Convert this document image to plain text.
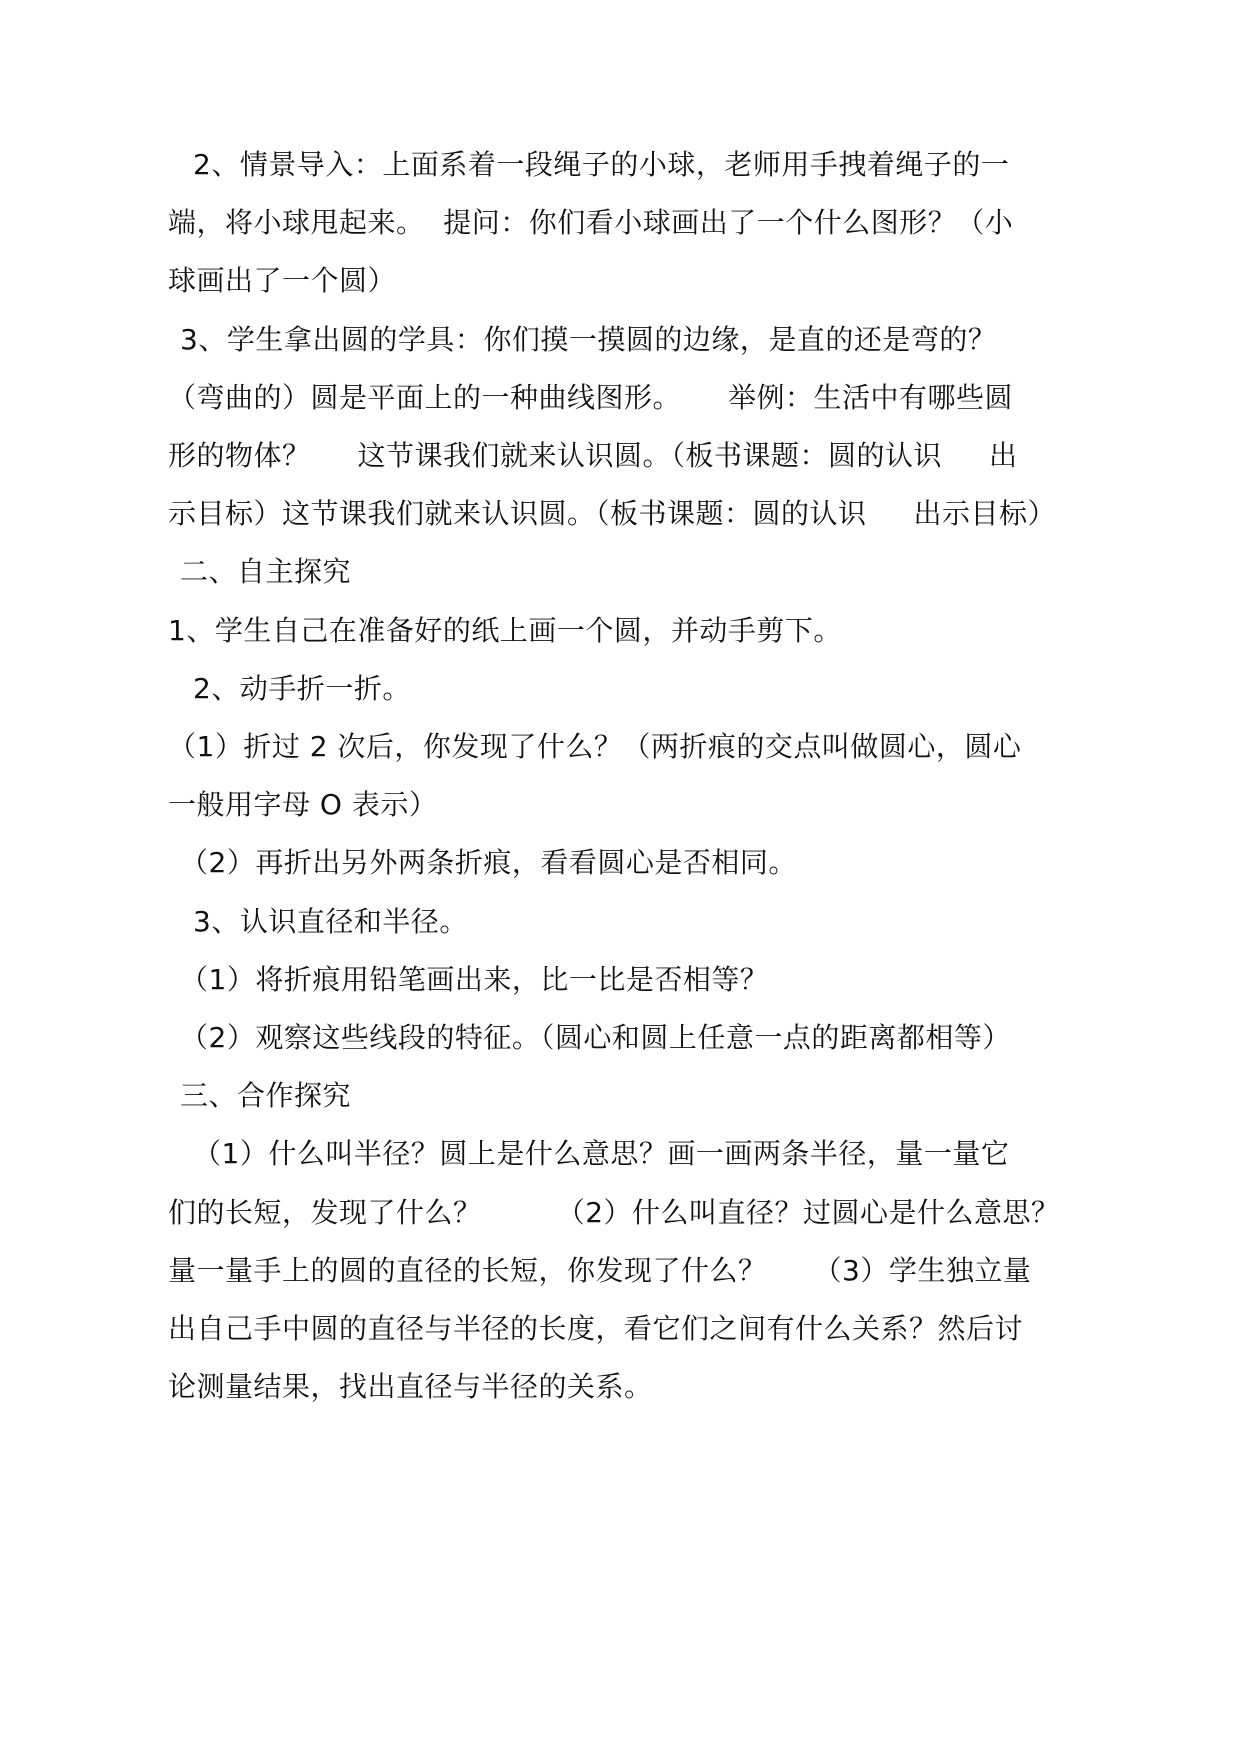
2、情景导入：上面系着一段绳子的小球，老师用手拽着绳子的一
端，将小球甩起来。  提问：你们看小球画出了一个什么图形？（小
球画出了一个圆）
3、学生拿出圆的学具：你们摸一摸圆的边缘，是直的还是弯的？
（弯曲的）圆是平面上的一种曲线图形。     举例：生活中有哪些圆
形的物体？     这节课我们就来认识圆。（板书课题：圆的认识     出
示目标）这节课我们就来认识圆。（板书课题：圆的认识     出示目标）
二、自主探究
1、学生自己在准备好的纸上画一个圆，并动手剪下。
2、动手折一折。
（1）折过 2 次后，你发现了什么？（两折痕的交点叫做圆心，圆心
一般用字母 O 表示）
（2）再折出另外两条折痕，看看圆心是否相同。
3、认识直径和半径。
（1）将折痕用铅笔画出来，比一比是否相等？
（2）观察这些线段的特征。（圆心和圆上任意一点的距离都相等）
三、合作探究
（1）什么叫半径？圆上是什么意思？画一画两条半径，量一量它
们的长短，发现了什么？        （2）什么叫直径？过圆心是什么意思？
量一量手上的圆的直径的长短，你发现了什么？     （3）学生独立量
出自己手中圆的直径与半径的长度，看它们之间有什么关系？然后讨
论测量结果，找出直径与半径的关系。
